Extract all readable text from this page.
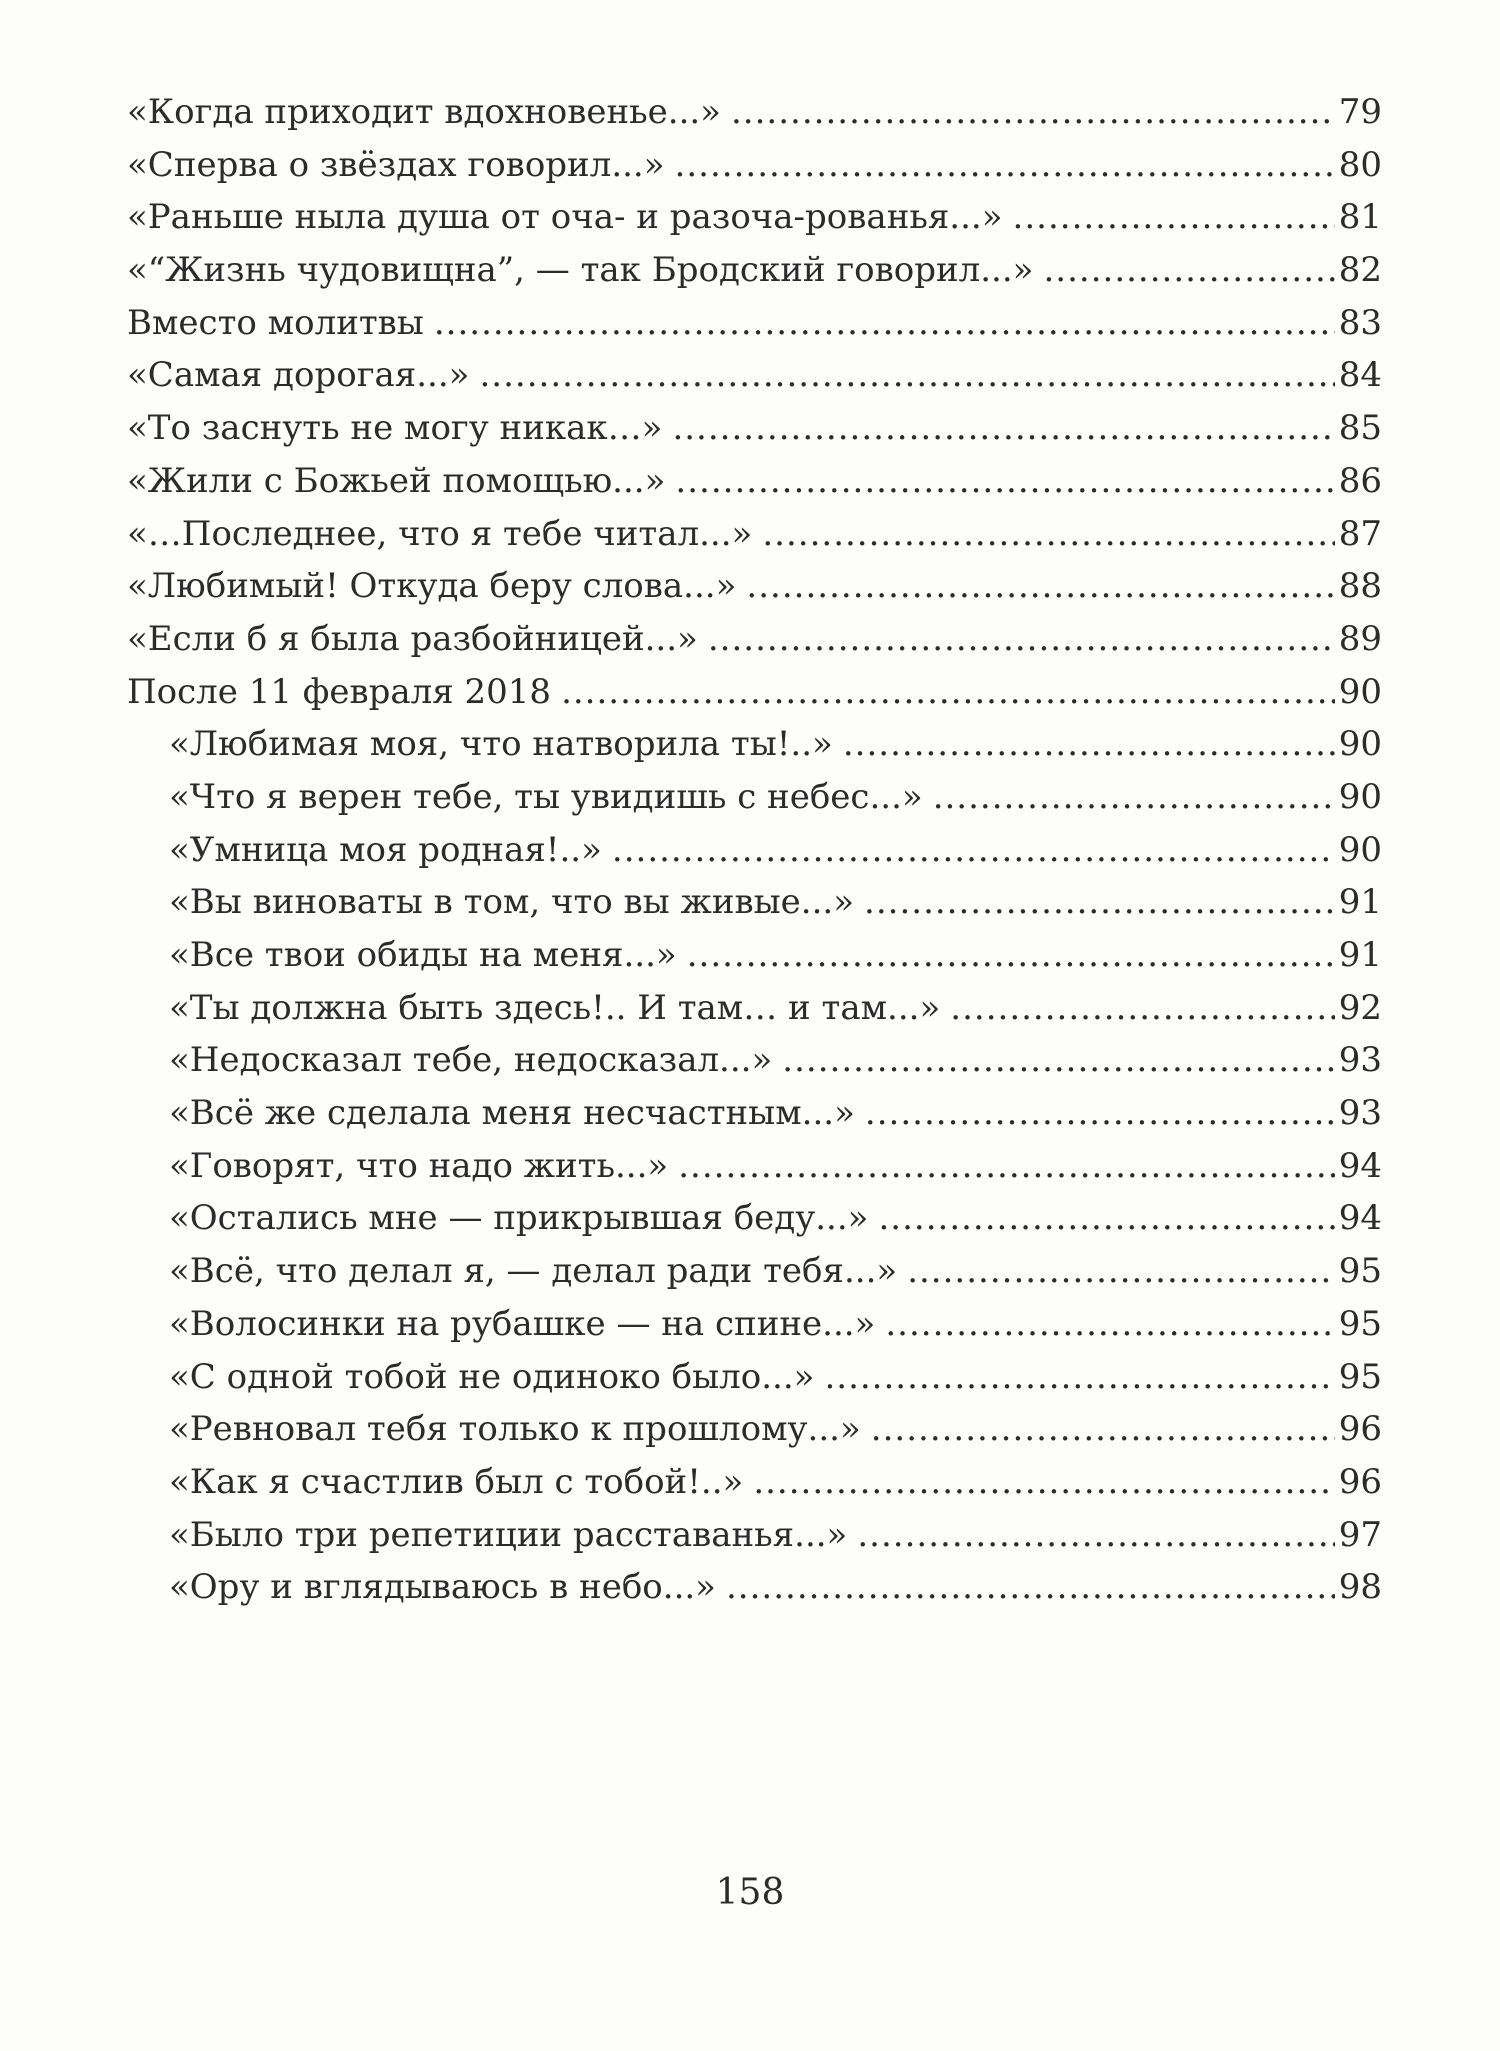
«Когда приходит вдохновенье...» .....	79
«Сперва о звёздах говорил...» .....	80
«Раньше ныла душа от оча- и разоча-рованья...» .....	81
«“Жизнь чудовищна”, — так Бродский говорил...» .....	82
Вместо молитвы .....	83
«Самая дорогая...» .....	84
«То заснуть не могу никак…» .....	85
«Жили с Божьей помощью...» .....	86
«…Последнее, что я тебе читал...» .....	87
«Любимый! Откуда беру слова...» .....	88
«Если б я была разбойницей...» .....	89
После 11 февраля 2018 .....	90
«Любимая моя, что натворила ты!..» .....	90
«Что я верен тебе, ты увидишь с небес...» .....	90
«Умница моя родная!..» .....	90
«Вы виноваты в том, что вы живые...» .....	91
«Все твои обиды на меня...» .....	91
«Ты должна быть здесь!.. И там… и там...» .....	92
«Недосказал тебе, недосказал...» .....	93
«Всё же сделала меня несчастным...» .....	93
«Говорят, что надо жить...» .....	94
«Остались мне — прикрывшая беду...» .....	94
«Всё, что делал я, — делал ради тебя...» .....	95
«Волосинки на рубашке — на спине...» .....	95
«С одной тобой не одиноко было...» .....	95
«Ревновал тебя только к прошлому...» .....	96
«Как я счастлив был с тобой!..» .....	96
«Было три репетиции расставанья...» .....	97
«Ору и вглядываюсь в небо...» .....	98
158
